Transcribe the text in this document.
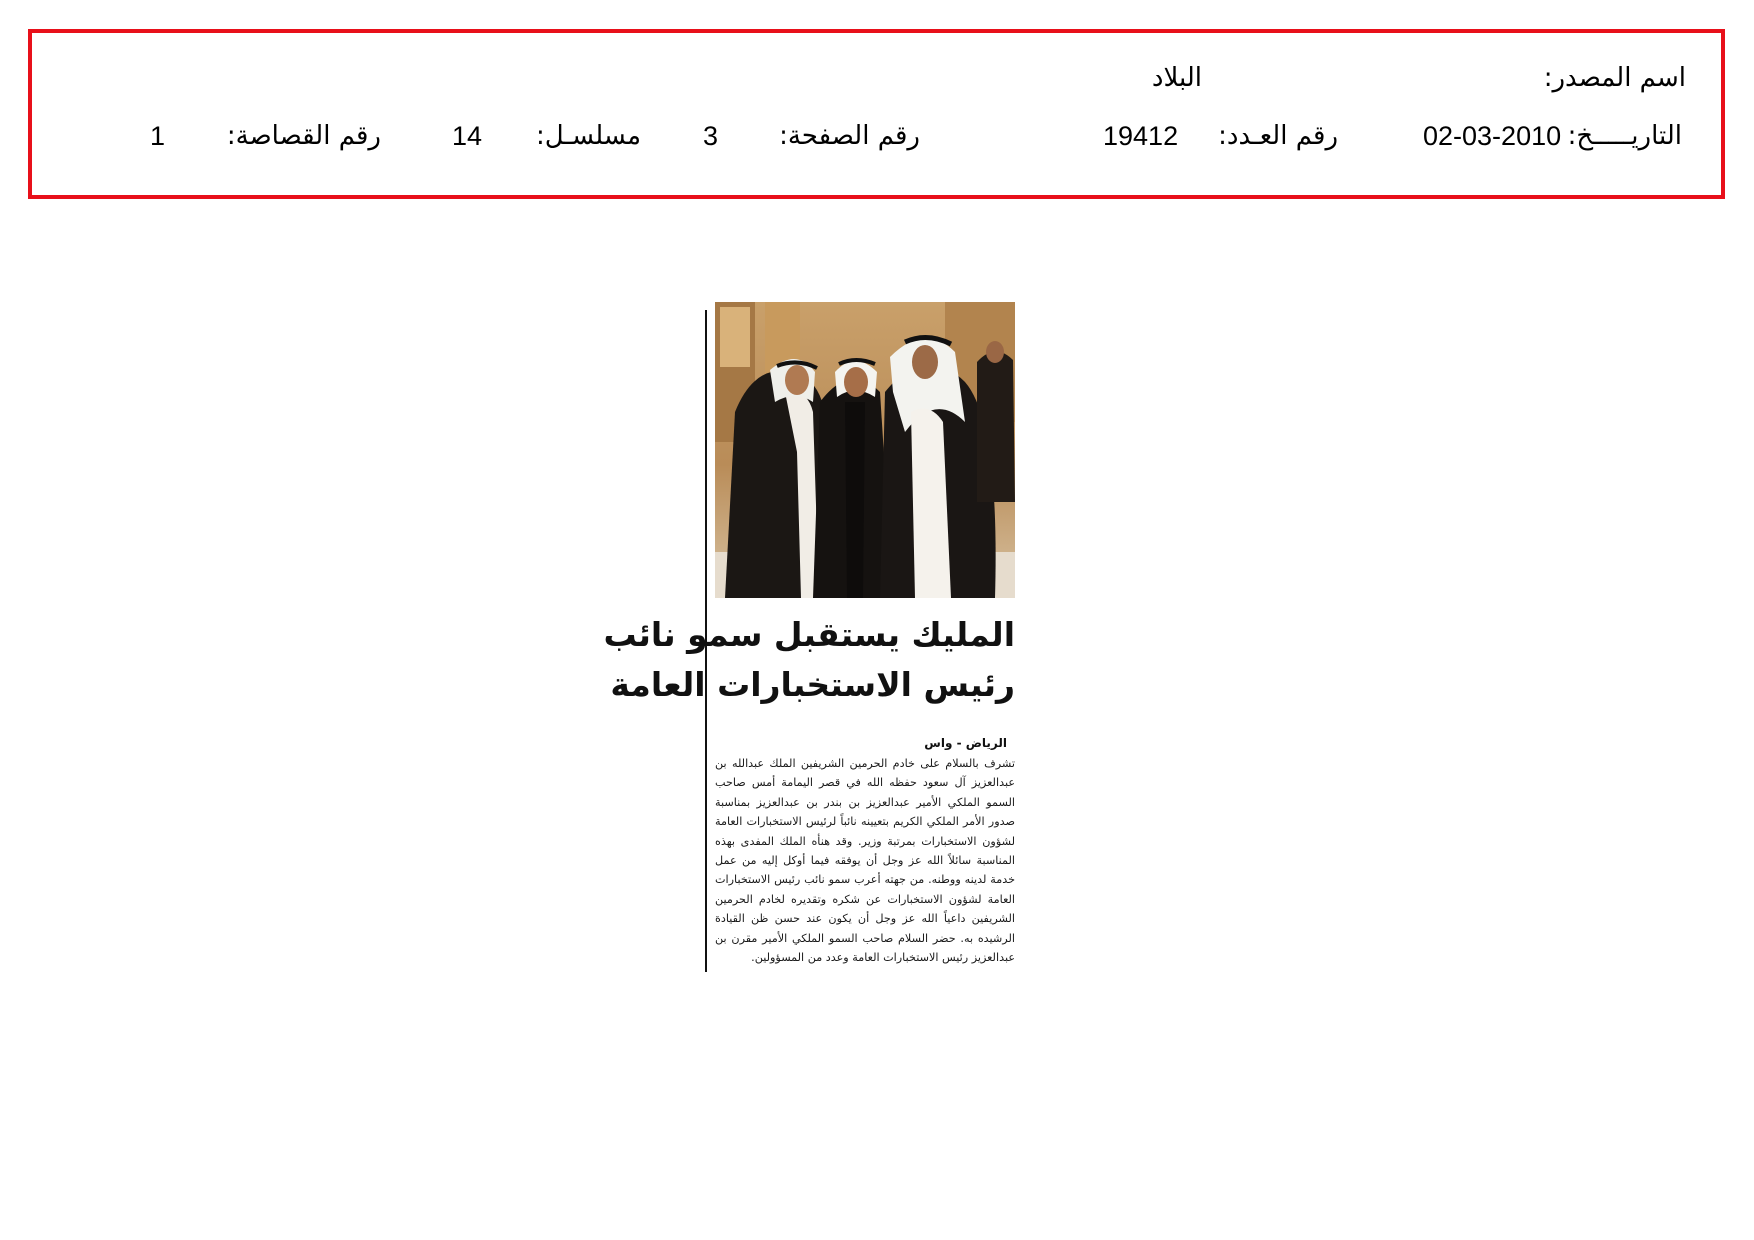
اسم المصدر:
البلاد
التاريـــــخ:
02-03-2010
رقم العـدد:
19412
رقم الصفحة:
3
مسلسـل:
14
رقم القصاصة:
1
المليك يستقبل سمو نائب
رئيس الاستخبارات العامة
الرياض - واس
تشرف بالسلام على خادم الحرمين الشريفين الملك عبدالله بن عبدالعزيز آل سعود حفظه الله في قصر اليمامة أمس صاحب السمو الملكي الأمير عبدالعزيز بن بندر بن عبدالعزيز بمناسبة صدور الأمر الملكي الكريم بتعيينه نائباً لرئيس الاستخبارات العامة لشؤون الاستخبارات بمرتبة وزير. وقد هنأه الملك المفدى بهذه المناسبة سائلاً الله عز وجل أن يوفقه فيما أوكل إليه من عمل خدمة لدينه ووطنه. من جهته أعرب سمو نائب رئيس الاستخبارات العامة لشؤون الاستخبارات عن شكره وتقديره لخادم الحرمين الشريفين داعياً الله عز وجل أن يكون عند حسن ظن القيادة الرشيده به. حضر السلام صاحب السمو الملكي الأمير مقرن بن عبدالعزيز رئيس الاستخبارات العامة وعدد من المسؤولين.
